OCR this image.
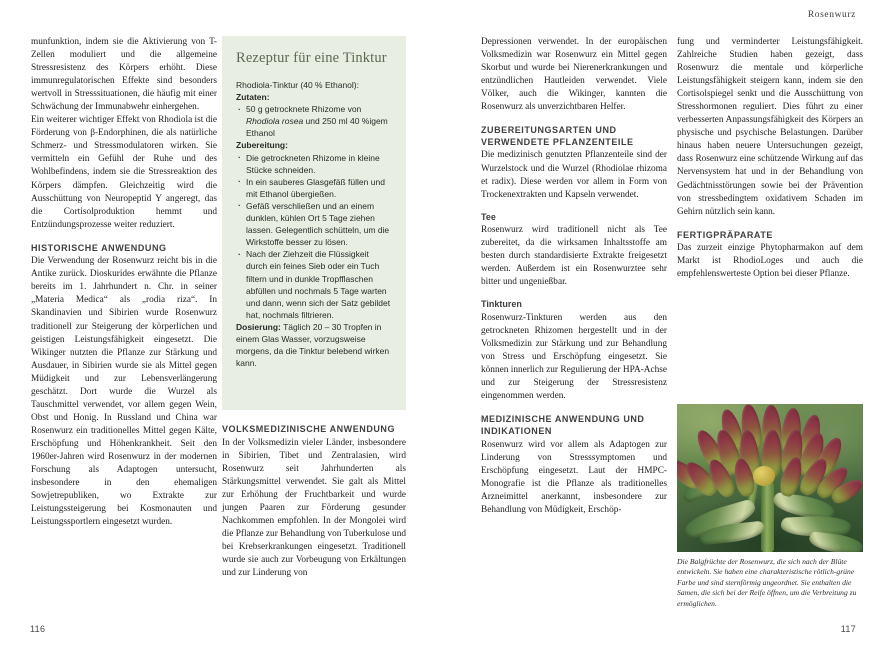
Rosenwurz

munfunktion, indem sie die Aktivierung von T-Zellen moduliert und die allgemeine Stressresistenz des Körpers erhöht. Diese immunregulatorischen Effekte sind besonders wertvoll in Stresssituationen, die häufig mit einer Schwächung der Immunabwehr einhergehen.

Ein weiterer wichtiger Effekt von Rhodiola ist die Förderung von β-Endorphinen, die als natürliche Schmerz- und Stressmodulatoren wirken. Sie vermitteln ein Gefühl der Ruhe und des Wohlbefindens, indem sie die Stressreaktion des Körpers dämpfen. Gleichzeitig wird die Ausschüttung von Neuropeptid Y angeregt, das die Cortisolproduktion hemmt und Entzündungsprozesse weiter reduziert.

HISTORISCHE ANWENDUNG

Die Verwendung der Rosenwurz reicht bis in die Antike zurück. Dioskurides erwähnte die Pflanze bereits im 1. Jahrhundert n. Chr. in seiner „Materia Medica“ als „rodia riza“. In Skandinavien und Sibirien wurde Rosenwurz traditionell zur Steigerung der körperlichen und geistigen Leistungsfähigkeit eingesetzt. Die Wikinger nutzten die Pflanze zur Stärkung und Ausdauer, in Sibirien wurde sie als Mittel gegen Müdigkeit und zur Lebensverlängerung geschätzt. Dort wurde die Wurzel als Tauschmittel verwendet, vor allem gegen Wein, Obst und Honig. In Russland und China war Rosenwurz ein traditionelles Mittel gegen Kälte, Erschöpfung und Höhenkrankheit. Seit den 1960er-Jahren wird Rosenwurz in der modernen Forschung als Adaptogen untersucht, insbesondere in den ehemaligen Sowjetrepubliken, wo Extrakte zur Leistungssteigerung bei Kosmonauten und Leistungssportlern eingesetzt wurden.

Rezeptur für eine Tinktur

Rhodiola-Tinktur (40 % Ethanol):

Zutaten:

· 50 g getrocknete Rhizome von Rhodiola rosea und 250 ml 40 %igem Ethanol

Zubereitung:

· Die getrockneten Rhizome in kleine Stücke schneiden.
· In ein sauberes Glasgefäß füllen und mit Ethanol übergießen.
· Gefäß verschließen und an einem dunklen, kühlen Ort 5 Tage ziehen lassen. Gelegentlich schütteln, um die Wirkstoffe besser zu lösen.
· Nach der Ziehzeit die Flüssigkeit durch ein feines Sieb oder ein Tuch filtern und in dunkle Tropfflaschen abfüllen und nochmals 5 Tage warten und dann, wenn sich der Satz gebildet hat, nochmals filtrieren.

Dosierung: Täglich 20 – 30 Tropfen in einem Glas Wasser, vorzugsweise morgens, da die Tinktur belebend wirken kann.

VOLKSMEDIZINISCHE ANWENDUNG

In der Volksmedizin vieler Länder, insbesondere in Sibirien, Tibet und Zentralasien, wird Rosenwurz seit Jahrhunderten als Stärkungsmittel verwendet. Sie galt als Mittel zur Erhöhung der Fruchtbarkeit und wurde jungen Paaren zur Förderung gesunder Nachkommen empfohlen. In der Mongolei wird die Pflanze zur Behandlung von Tuberkulose und bei Krebserkrankungen eingesetzt. Traditionell wurde sie auch zur Vorbeugung von Erkältungen und zur Linderung von

Depressionen verwendet. In der europäischen Volksmedizin war Rosenwurz ein Mittel gegen Skorbut und wurde bei Nierenerkrankungen und entzündlichen Hautleiden verwendet. Viele Völker, auch die Wikinger, kannten die Rosenwurz als unverzichtbaren Helfer.

ZUBEREITUNGSARTEN UND VERWENDETE PFLANZENTEILE

Die medizinisch genutzten Pflanzenteile sind der Wurzelstock und die Wurzel (Rhodiolae rhizoma et radix). Diese werden vor allem in Form von Trockenextrakten und Kapseln verwendet.

Tee

Rosenwurz wird traditionell nicht als Tee zubereitet, da die wirksamen Inhaltsstoffe am besten durch standardisierte Extrakte freigesetzt werden. Außerdem ist ein Rosenwurztee sehr bitter und ungenießbar.

Tinkturen

Rosenwurz-Tinkturen werden aus den getrockneten Rhizomen hergestellt und in der Volksmedizin zur Stärkung und zur Behandlung von Stress und Erschöpfung eingesetzt. Sie können innerlich zur Regulierung der HPA-Achse und zur Steigerung der Stressresistenz eingenommen werden.

MEDIZINISCHE ANWENDUNG UND INDIKATIONEN

Rosenwurz wird vor allem als Adaptogen zur Linderung von Stresssymptomen und Erschöpfung eingesetzt. Laut der HMPC-Monografie ist die Pflanze als traditionelles Arzneimittel anerkannt, insbesondere zur Behandlung von Müdigkeit, Erschöp-

fung und verminderter Leistungsfähigkeit. Zahlreiche Studien haben gezeigt, dass Rosenwurz die mentale und körperliche Leistungsfähigkeit steigern kann, indem sie den Cortisolspiegel senkt und die Ausschüttung von Stresshormonen reguliert. Dies führt zu einer verbesserten Anpassungsfähigkeit des Körpers an physische und psychische Belastungen. Darüber hinaus haben neuere Untersuchungen gezeigt, dass Rosenwurz eine schützende Wirkung auf das Nervensystem hat und in der Behandlung von Gedächtnisstörungen sowie bei der Prävention von stressbedingtem oxidativem Schaden im Gehirn nützlich sein kann.

FERTIGPRÄPARATE

Das zurzeit einzige Phytopharmakon auf dem Markt ist RhodioLoges und auch die empfehlenswerteste Option bei dieser Pflanze.

Die Balgfrüchte der Rosenwurz, die sich nach der Blüte entwickeln. Sie haben eine charakteristische rötlich-grüne Farbe und sind sternförmig angeordnet. Sie enthalten die Samen, die sich bei der Reife öffnen, um die Verbreitung zu ermöglichen.
116	117
